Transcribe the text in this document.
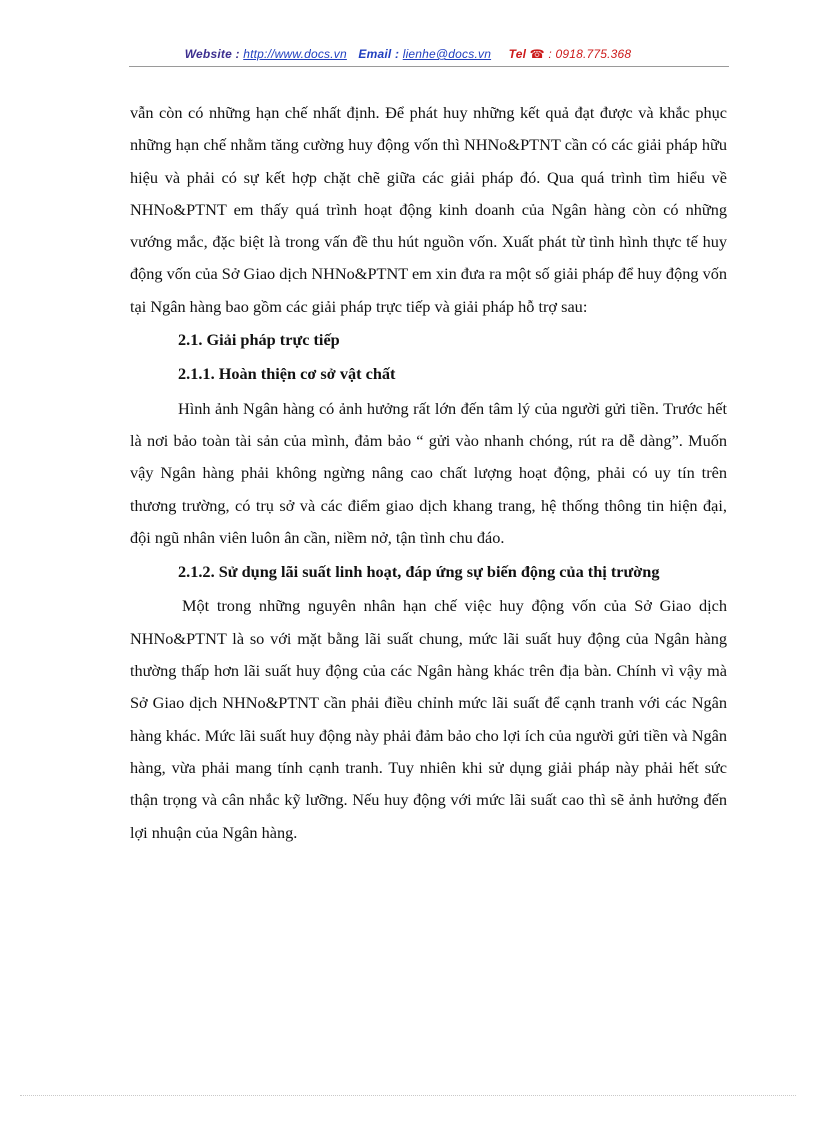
Website : http://www.docs.vn Email : lienhe@docs.vn Tel ☎ : 0918.775.368

vẫn còn có những hạn chế nhất định. Để phát huy những kết quả đạt được và khắc phục những hạn chế nhằm tăng cường huy động vốn thì NHNo&PTNT cần có các giải pháp hữu hiệu và phải có sự kết hợp chặt chẽ giữa các giải pháp đó. Qua quá trình tìm hiểu về NHNo&PTNT em thấy quá trình hoạt động kinh doanh của Ngân hàng còn có những vướng mắc, đặc biệt là trong vấn đề thu hút nguồn vốn. Xuất phát từ tình hình thực tế huy động vốn của Sở Giao dịch NHNo&PTNT em xin đưa ra một số giải pháp để huy động vốn tại Ngân hàng bao gồm các giải pháp trực tiếp và giải pháp hỗ trợ sau:

2.1. Giải pháp trực tiếp

2.1.1. Hoàn thiện cơ sở vật chất

Hình ảnh Ngân hàng có ảnh hưởng rất lớn đến tâm lý của người gửi tiền. Trước hết là nơi bảo toàn tài sản của mình, đảm bảo “ gửi vào nhanh chóng, rút ra dễ dàng”. Muốn vậy Ngân hàng phải không ngừng nâng cao chất lượng hoạt động, phải có uy tín trên thương trường, có trụ sở và các điểm giao dịch khang trang, hệ thống thông tin hiện đại, đội ngũ nhân viên luôn ân cần, niềm nở, tận tình chu đáo.

2.1.2. Sử dụng lãi suất linh hoạt, đáp ứng sự biến động của thị trường

Một trong những nguyên nhân hạn chế việc huy động vốn của Sở Giao dịch NHNo&PTNT là so với mặt bằng lãi suất chung, mức lãi suất huy động của Ngân hàng thường thấp hơn lãi suất huy động của các Ngân hàng khác trên địa bàn. Chính vì vậy mà Sở Giao dịch NHNo&PTNT cần phải điều chỉnh mức lãi suất để cạnh tranh với các Ngân hàng khác. Mức lãi suất huy động này phải đảm bảo cho lợi ích của người gửi tiền và Ngân hàng, vừa phải mang tính cạnh tranh. Tuy nhiên khi sử dụng giải pháp này phải hết sức thận trọng và cân nhắc kỹ lưỡng. Nếu huy động với mức lãi suất cao thì sẽ ảnh hưởng đến lợi nhuận của Ngân hàng.
